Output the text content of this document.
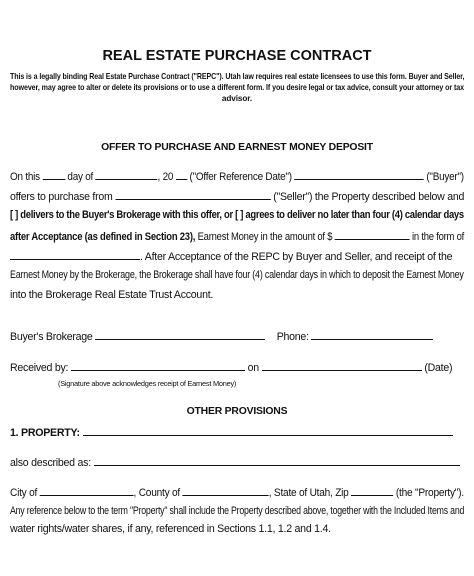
REAL ESTATE PURCHASE CONTRACT
This is a legally binding Real Estate Purchase Contract ("REPC"). Utah law requires real estate licensees to use this form. Buyer and Seller,
however, may agree to alter or delete its provisions or to use a different form. If you desire legal or tax advice, consult your attorney or tax
advisor.
OFFER TO PURCHASE AND EARNEST MONEY DEPOSIT
On this	day of	, 20 ("Offer Reference Date")	("Buyer")
offers to purchase from	("Seller") the Property described below and
[ ] delivers to the Buyer's Brokerage with this offer, or [ ] agrees to deliver no later than four (4) calendar days
after Acceptance (as defined in Section 23), Earnest Money in the amount of $	in the form of
. After Acceptance of the REPC by Buyer and Seller, and receipt of the
Earnest Money by the Brokerage, the Brokerage shall have four (4) calendar days in which to deposit the Earnest Money
into the Brokerage Real Estate Trust Account.
Buyer's Brokerage	Phone:
Received by:	on	(Date)
(Signature above acknowledges receipt of Earnest Money)
OTHER PROVISIONS
1. PROPERTY:
also described as:
City of	, County of	, State of Utah, Zip	(the "Property").
Any reference below to the term "Property" shall include the Property described above, together with the Included Items and
water rights/water shares, if any, referenced in Sections 1.1, 1.2 and 1.4.
